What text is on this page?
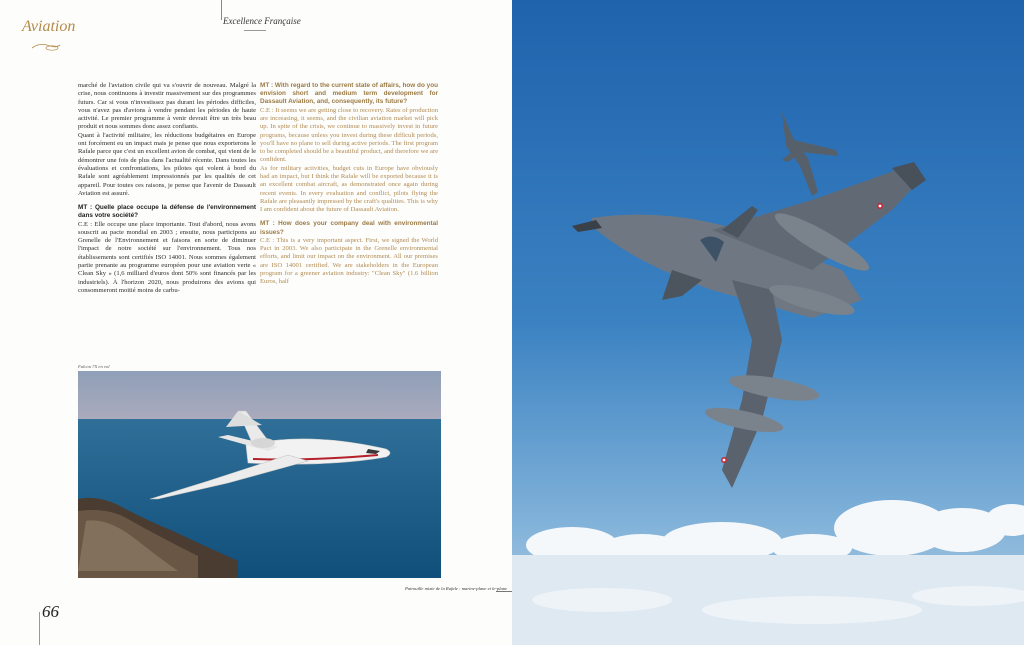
Aviation	Excellence Française

marché de l'aviation civile qui va s'ouvrir de nouveau. Malgré la crise, nous continuons à investir massivement sur des programmes futurs. Car si vous n'investissez pas durant les périodes difficiles, vous n'avez pas d'avions à vendre pendant les périodes de haute activité. Le premier programme à venir devrait être un très beau produit et nous sommes donc assez confiants.

Quant à l'activité militaire, les réductions budgétaires en Europe ont forcément eu un impact mais je pense que nous exporterons le Rafale parce que c'est un excellent avion de combat, qui vient de le démontrer une fois de plus dans l'actualité récente. Dans toutes les évaluations et confrontations, les pilotes qui volent à bord du Rafale sont agréablement impressionnés par les qualités de cet appareil. Pour toutes ces raisons, je pense que l'avenir de Dassault Aviation est assuré.

MT : Quelle place occupe la défense de l'environnement dans votre société?

C.E : Elle occupe une place importante. Tout d'abord, nous avons souscrit au pacte mondial en 2003 ; ensuite, nous participons au Grenelle de l'Environnement et faisons en sorte de diminuer l'impact de notre société sur l'environnement. Tous nos établissements sont certifiés ISO 14001. Nous sommes également partie prenante au programme européen pour une aviation verte « Clean Sky » (1,6 milliard d'euros dont 50% sont financés par les industriels). À l'horizon 2020, nous produirons des avions qui consommeront moitié moins de carbu-

MT : With regard to the current state of affairs, how do you envision short and medium term development for Dassault Aviation, and, consequently, its future?

C.E : It seems we are getting close to recovery. Rates of production are increasing, it seems, and the civilian aviation market will pick up. In spite of the crisis, we continue to massively invest in future programs, because unless you invest during these difficult periods, you'll have no plane to sell during active periods. The first program to be completed should be a beautiful product, and therefore we are confident.

As for military activities, budget cuts in Europe have obviously had an impact, but I think the Rafale will be exported because it is an excellent combat aircraft, as demonstrated once again during recent events. In every evaluation and conflict, pilots flying the Rafale are pleasantly impressed by the craft's qualities. This is why I am confident about the future of Dassault Aviation.

MT : How does your company deal with environmental issues?

C.E : This is a very important aspect. First, we signed the World Pact in 2003. We also participate in the Grenelle environmental efforts, and limit our impact on the environment. All our premises are ISO 14001 certified. We are stakeholders in the European program for a greener aviation industry: "Clean Sky" (1.6 billion Euros, half

Falcon 7X en vol
66
Patrouille mixte de la Rafale : marine-plane et le-plane
